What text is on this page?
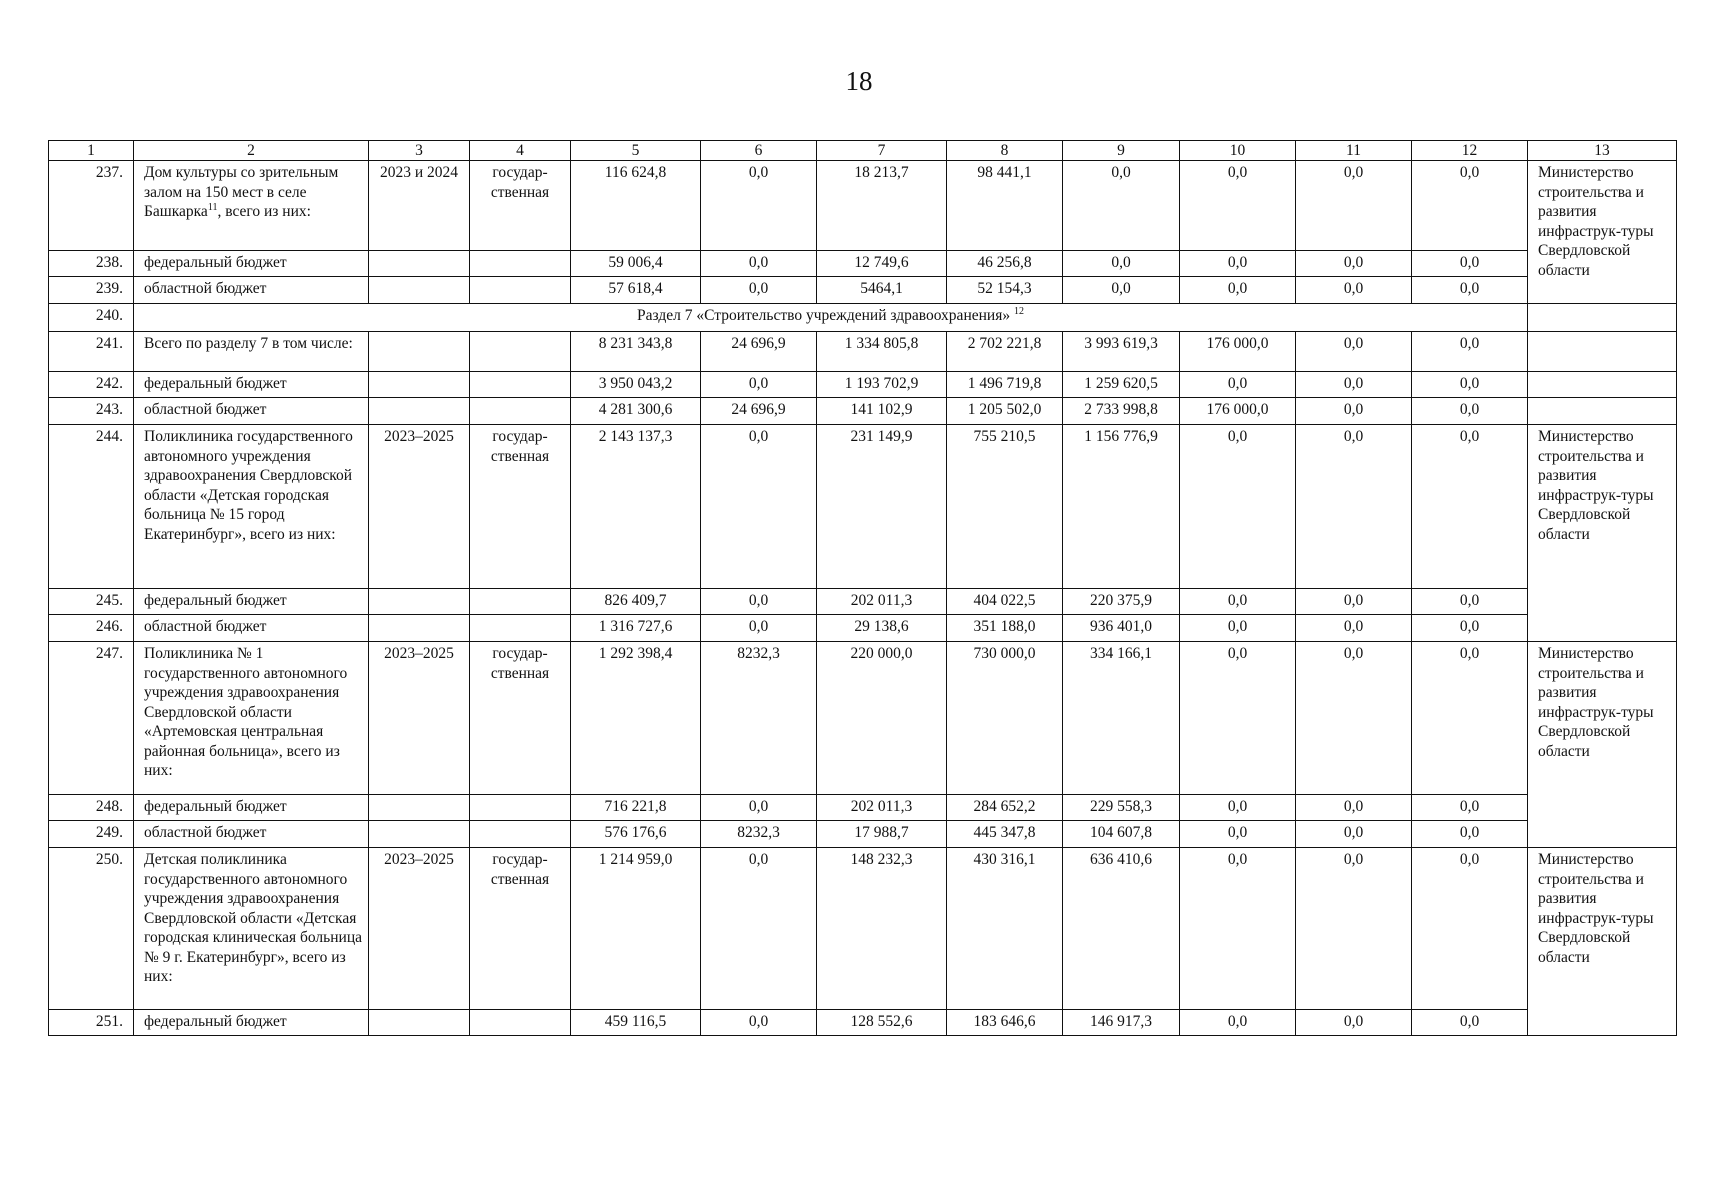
18
1	2	3	4	5	6	7	8	9	10	11	12	13
237.	Дом культуры со зрительным залом на 150 мест в селе Башкарка$^{11}$, всего из них:	2023 и 2024	государ-ственная	116 624,8	0,0	18 213,7	98 441,1	0,0	0,0	0,0	0,0	Министерство строительства и развития инфраструк-туры Свердловской области
238.	федеральный бюджет			59 006,4	0,0	12 749,6	46 256,8	0,0	0,0	0,0	0,0	
239.	областной бюджет			57 618,4	0,0	5464,1	52 154,3	0,0	0,0	0,0	0,0	
240.	Раздел 7 «Строительство учреждений здравоохранения» $^{12}$	
241.	Всего по разделу 7 в том числе:			8 231 343,8	24 696,9	1 334 805,8	2 702 221,8	3 993 619,3	176 000,0	0,0	0,0	
242.	федеральный бюджет			3 950 043,2	0,0	1 193 702,9	1 496 719,8	1 259 620,5	0,0	0,0	0,0	
243.	областной бюджет			4 281 300,6	24 696,9	141 102,9	1 205 502,0	2 733 998,8	176 000,0	0,0	0,0	
244.	Поликлиника государственного автономного учреждения здравоохранения Свердловской области «Детская городская больница № 15 город Екатеринбург», всего из них:	2023–2025	государ-ственная	2 143 137,3	0,0	231 149,9	755 210,5	1 156 776,9	0,0	0,0	0,0	Министерство строительства и развития инфраструк-туры Свердловской области
245.	федеральный бюджет			826 409,7	0,0	202 011,3	404 022,5	220 375,9	0,0	0,0	0,0	
246.	областной бюджет			1 316 727,6	0,0	29 138,6	351 188,0	936 401,0	0,0	0,0	0,0	
247.	Поликлиника № 1 государственного автономного учреждения здравоохранения Свердловской области «Артемовская центральная районная больница», всего из них:	2023–2025	государ-ственная	1 292 398,4	8232,3	220 000,0	730 000,0	334 166,1	0,0	0,0	0,0	Министерство строительства и развития инфраструк-туры Свердловской области
248.	федеральный бюджет			716 221,8	0,0	202 011,3	284 652,2	229 558,3	0,0	0,0	0,0	
249.	областной бюджет			576 176,6	8232,3	17 988,7	445 347,8	104 607,8	0,0	0,0	0,0	
250.	Детская поликлиника государственного автономного учреждения здравоохранения Свердловской области «Детская городская клиническая больница № 9 г. Екатеринбург», всего из них:	2023–2025	государ-ственная	1 214 959,0	0,0	148 232,3	430 316,1	636 410,6	0,0	0,0	0,0	Министерство строительства и развития инфраструк-туры Свердловской области
251.	федеральный бюджет			459 116,5	0,0	128 552,6	183 646,6	146 917,3	0,0	0,0	0,0	
